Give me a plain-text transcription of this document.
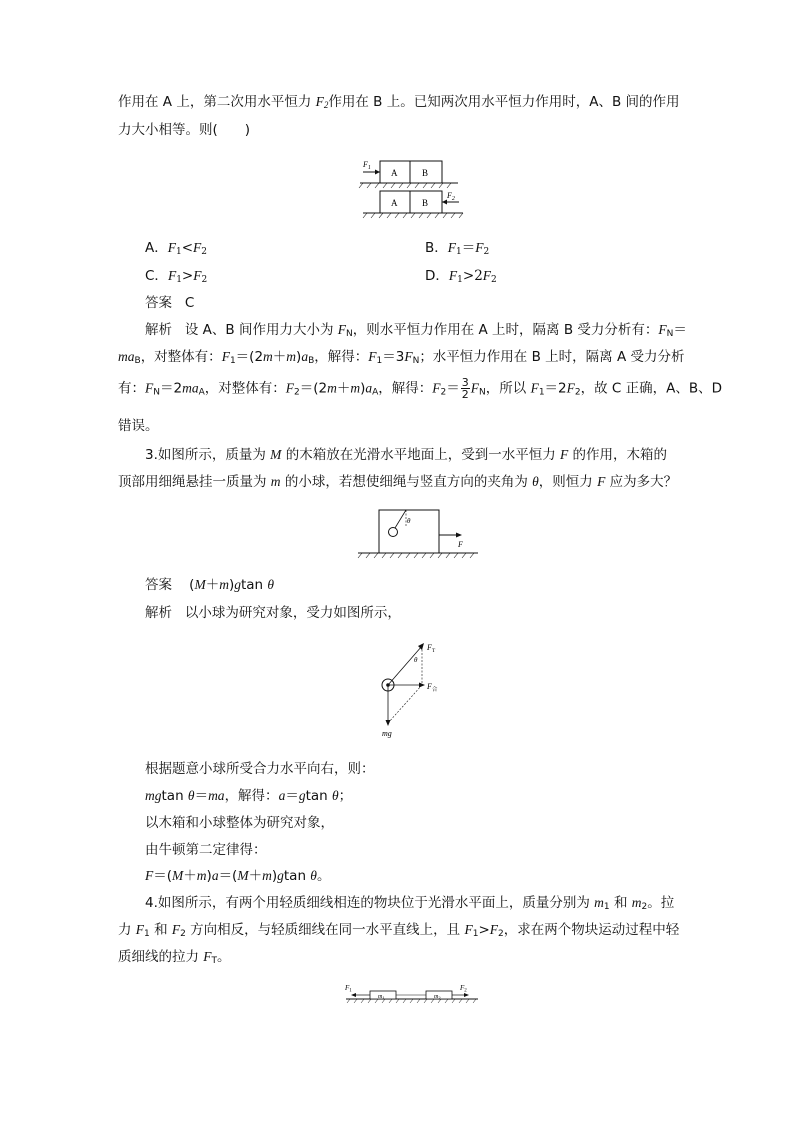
作用在 A 上，第二次用水平恒力 $F_2$作用在 B 上。已知两次用水平恒力作用时，A、B 间的作用
力大小相等。则(　　)
A	B
$F_1$
A	B
$F_2$
A．$F_1<F_2$	B．$F_1=F_2$
C．$F_1>F_2$	D．$F_1>2F_2$
答案 C
解析   设 A、B 间作用力大小为 $F_N$，则水平恒力作用在 A 上时，隔离 B 受力分析有：$F_N=$
$ma_B$，对整体有：$F_1=(2m+m)a_B$，解得：$F_1=3F_N$；水平恒力作用在 B 上时，隔离 A 受力分析
有：$F_N=2ma_A$，对整体有：$F_2=(2m+m)a_A$，解得：$F_2= \frac{3}{2} F_N$，所以 $F_1=2F_2$，故 C 正确，A、B、D
错误。
3.如图所示，质量为 M 的木箱放在光滑水平地面上，受到一水平恒力 F 的作用，木箱的
顶部用细绳悬挂一质量为 m 的小球，若想使细绳与竖直方向的夹角为 θ，则恒力 F 应为多大？
θ
F
答案    (M＋m)gtan θ
解析 以小球为研究对象，受力如图所示，
$F_T$
θ
$F_合$
mg
根据题意小球所受合力水平向右，则：
mgtan θ＝ma，解得：a＝gtan θ；
以木箱和小球整体为研究对象，
由牛顿第二定律得：
F＝(M＋m)a＝(M＋m)gtan θ。
4.如图所示，有两个用轻质细线相连的物块位于光滑水平面上，质量分别为 $m_1$ 和 $m_2$。拉
力 $F_1$ 和 $F_2$ 方向相反，与轻质细线在同一水平直线上，且 $F_1>F_2$，求在两个物块运动过程中轻
质细线的拉力 $F_T$。
$m_1$	$m_2$
$F_1$	$F_2$
